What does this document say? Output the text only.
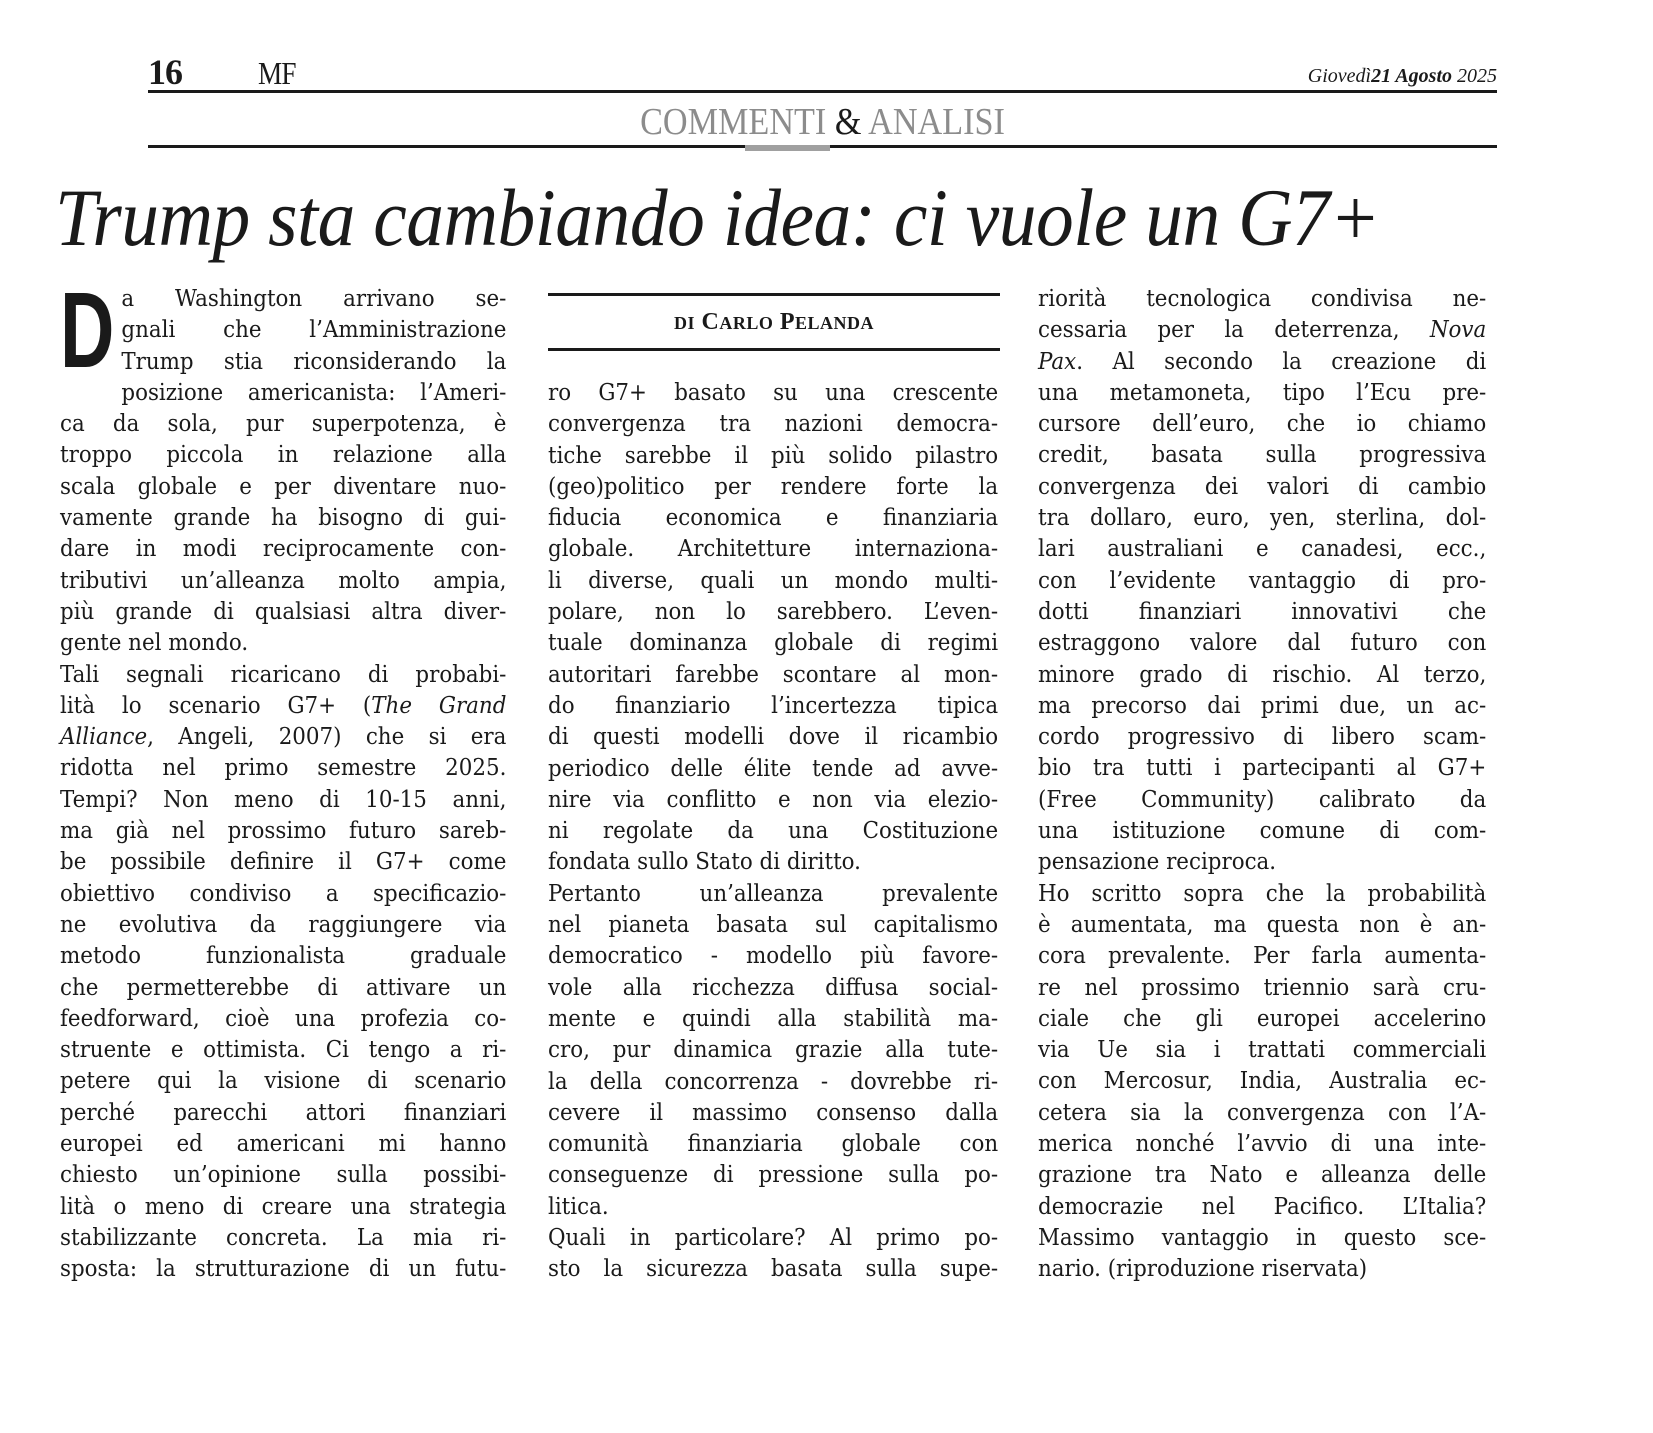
16 MF	Giovedì21 Agosto 2025
COMMENTI & ANALISI
Trump sta cambiando idea: ci vuole un G7+
DI CARLO PELANDA
D a Washington arrivano se-
gnali che l’Amministrazione
Trump stia riconsiderando la
posizione americanista: l’Ameri-
ca da sola, pur superpotenza, è
troppo piccola in relazione alla
scala globale e per diventare nuo-
vamente grande ha bisogno di gui-
dare in modi reciprocamente con-
tributivi un’alleanza molto ampia,
più grande di qualsiasi altra diver-
gente nel mondo.
Tali segnali ricaricano di probabi-
lità lo scenario G7+ (The Grand
Alliance, Angeli, 2007) che si era
ridotta nel primo semestre 2025.
Tempi? Non meno di 10-15 anni,
ma già nel prossimo futuro sareb-
be possibile definire il G7+ come
obiettivo condiviso a specificazio-
ne evolutiva da raggiungere via
metodo funzionalista graduale
che permetterebbe di attivare un
feedforward, cioè una profezia co-
struente e ottimista. Ci tengo a ri-
petere qui la visione di scenario
perché parecchi attori finanziari
europei ed americani mi hanno
chiesto un’opinione sulla possibi-
lità o meno di creare una strategia
stabilizzante concreta. La mia ri-
sposta: la strutturazione di un futu-
ro G7+ basato su una crescente
convergenza tra nazioni democra-
tiche sarebbe il più solido pilastro
(geo)politico per rendere forte la
fiducia economica e finanziaria
globale. Architetture internaziona-
li diverse, quali un mondo multi-
polare, non lo sarebbero. L’even-
tuale dominanza globale di regimi
autoritari farebbe scontare al mon-
do finanziario l’incertezza tipica
di questi modelli dove il ricambio
periodico delle élite tende ad avve-
nire via conflitto e non via elezio-
ni regolate da una Costituzione
fondata sullo Stato di diritto.
Pertanto un’alleanza prevalente
nel pianeta basata sul capitalismo
democratico - modello più favore-
vole alla ricchezza diffusa social-
mente e quindi alla stabilità ma-
cro, pur dinamica grazie alla tute-
la della concorrenza - dovrebbe ri-
cevere il massimo consenso dalla
comunità finanziaria globale con
conseguenze di pressione sulla po-
litica.
Quali in particolare? Al primo po-
sto la sicurezza basata sulla supe-
riorità tecnologica condivisa ne-
cessaria per la deterrenza, Nova
Pax. Al secondo la creazione di
una metamoneta, tipo l’Ecu pre-
cursore dell’euro, che io chiamo
credit, basata sulla progressiva
convergenza dei valori di cambio
tra dollaro, euro, yen, sterlina, dol-
lari australiani e canadesi, ecc.,
con l’evidente vantaggio di pro-
dotti finanziari innovativi che
estraggono valore dal futuro con
minore grado di rischio. Al terzo,
ma precorso dai primi due, un ac-
cordo progressivo di libero scam-
bio tra tutti i partecipanti al G7+
(Free Community) calibrato da
una istituzione comune di com-
pensazione reciproca.
Ho scritto sopra che la probabilità
è aumentata, ma questa non è an-
cora prevalente. Per farla aumenta-
re nel prossimo triennio sarà cru-
ciale che gli europei accelerino
via Ue sia i trattati commerciali
con Mercosur, India, Australia ec-
cetera sia la convergenza con l’A-
merica nonché l’avvio di una inte-
grazione tra Nato e alleanza delle
democrazie nel Pacifico. L’Italia?
Massimo vantaggio in questo sce-
nario. (riproduzione riservata)
